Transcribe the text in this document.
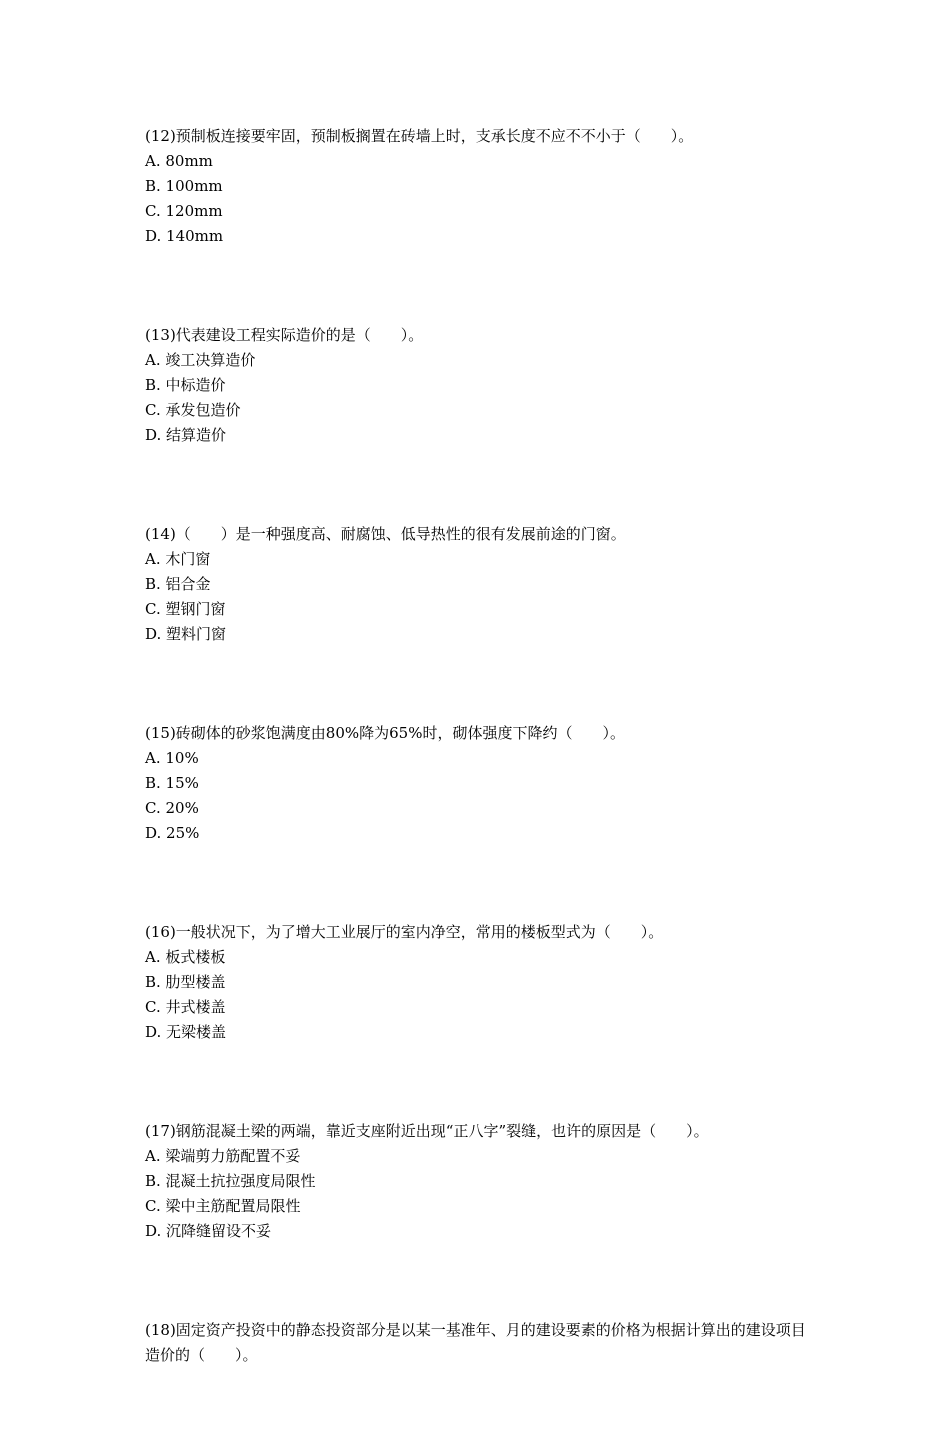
(12)预制板连接要牢固，预制板搁置在砖墙上时，支承长度不应不不小于（　　）。

A. 80mm

B. 100mm

C. 120mm

D. 140mm

(13)代表建设工程实际造价的是（　　）。

A. 竣工决算造价

B. 中标造价

C. 承发包造价

D. 结算造价

(14)（　　）是一种强度高、耐腐蚀、低导热性的很有发展前途的门窗。

A. 木门窗

B. 铝合金

C. 塑钢门窗

D. 塑料门窗

(15)砖砌体的砂浆饱满度由80%降为65%时，砌体强度下降约（　　）。

A. 10%

B. 15%

C. 20%

D. 25%

(16)一般状况下，为了增大工业展厅的室内净空，常用的楼板型式为（　　）。

A. 板式楼板

B. 肋型楼盖

C. 井式楼盖

D. 无梁楼盖

(17)钢筋混凝土梁的两端，靠近支座附近出现“正八字”裂缝，也许的原因是（　　）。

A. 梁端剪力筋配置不妥

B. 混凝土抗拉强度局限性

C. 梁中主筋配置局限性

D. 沉降缝留设不妥

(18)固定资产投资中的静态投资部分是以某一基准年、月的建设要素的价格为根据计算出的建设项目造价的（　　）。
